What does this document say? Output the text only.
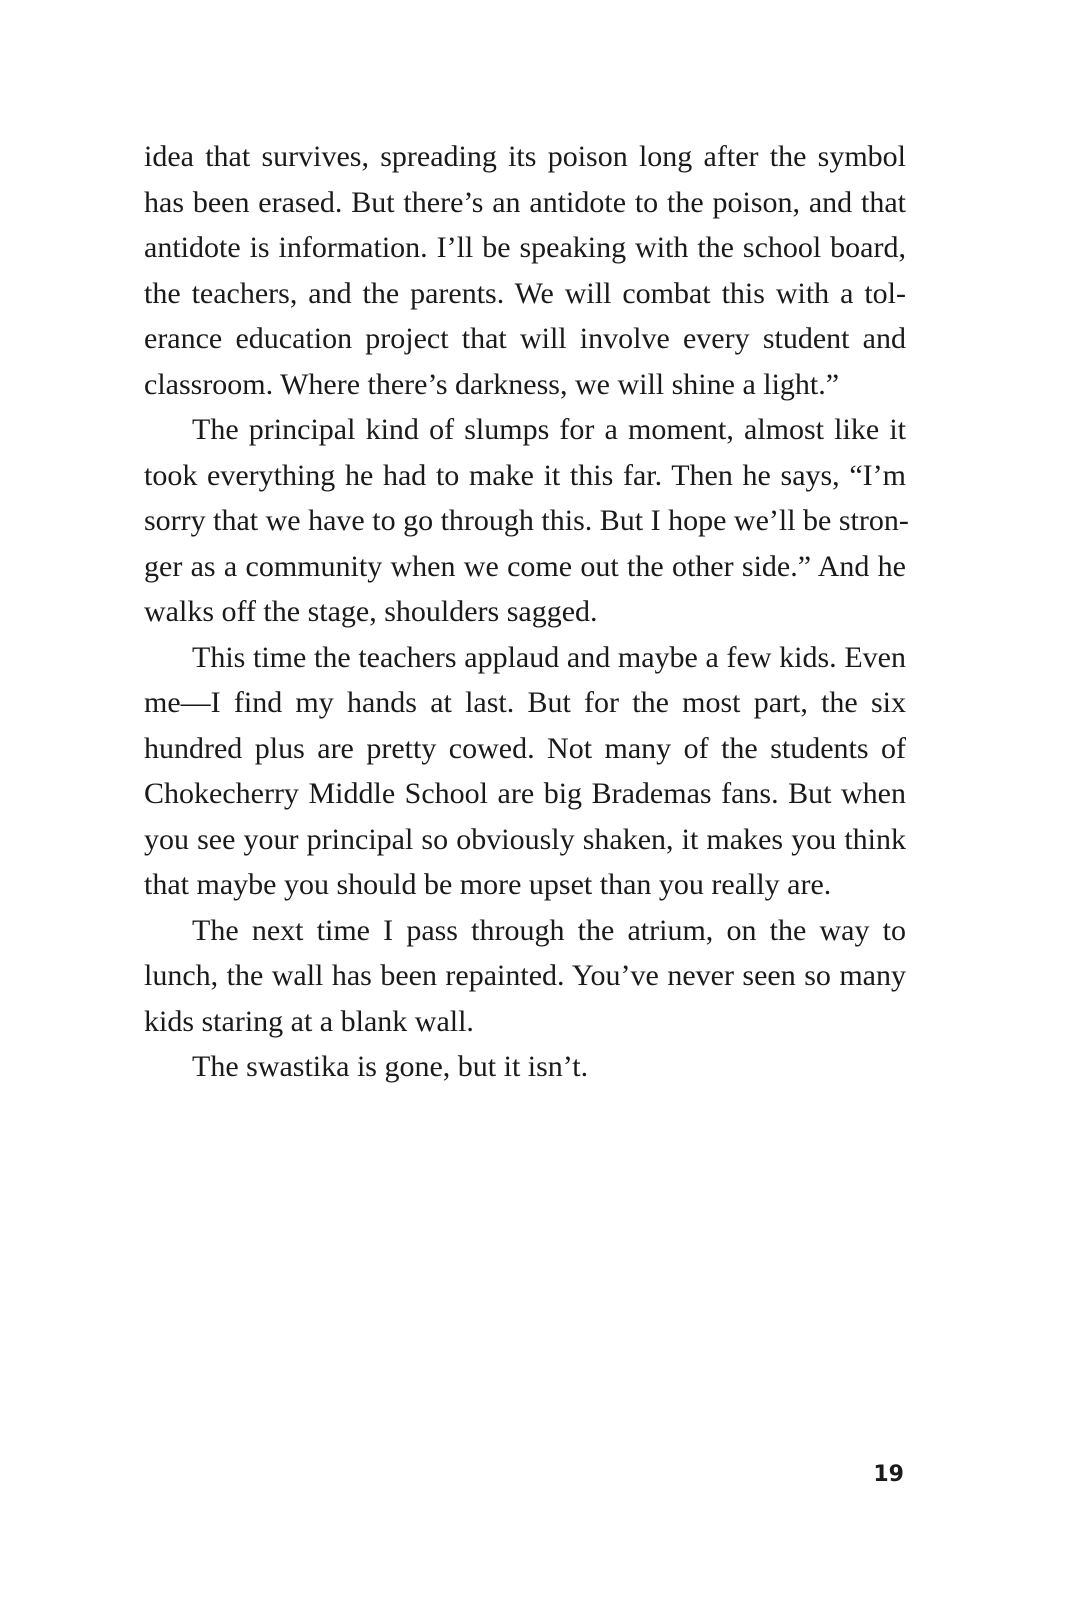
idea that survives, spreading its poison long after the symbol
has been erased. But there’s an antidote to the poison, and that
antidote is information. I’ll be speaking with the school board,
the teachers, and the parents. We will combat this with a tol-
erance education project that will involve every student and
classroom. Where there’s darkness, we will shine a light.”
The principal kind of slumps for a moment, almost like it
took everything he had to make it this far. Then he says, “I’m
sorry that we have to go through this. But I hope we’ll be stron-
ger as a community when we come out the other side.” And he
walks off the stage, shoulders sagged.
This time the teachers applaud and maybe a few kids. Even
me—I find my hands at last. But for the most part, the six
hundred plus are pretty cowed. Not many of the students of
Chokecherry Middle School are big Brademas fans. But when
you see your principal so obviously shaken, it makes you think
that maybe you should be more upset than you really are.
The next time I pass through the atrium, on the way to
lunch, the wall has been repainted. You’ve never seen so many
kids staring at a blank wall.
The swastika is gone, but it isn’t.
19
